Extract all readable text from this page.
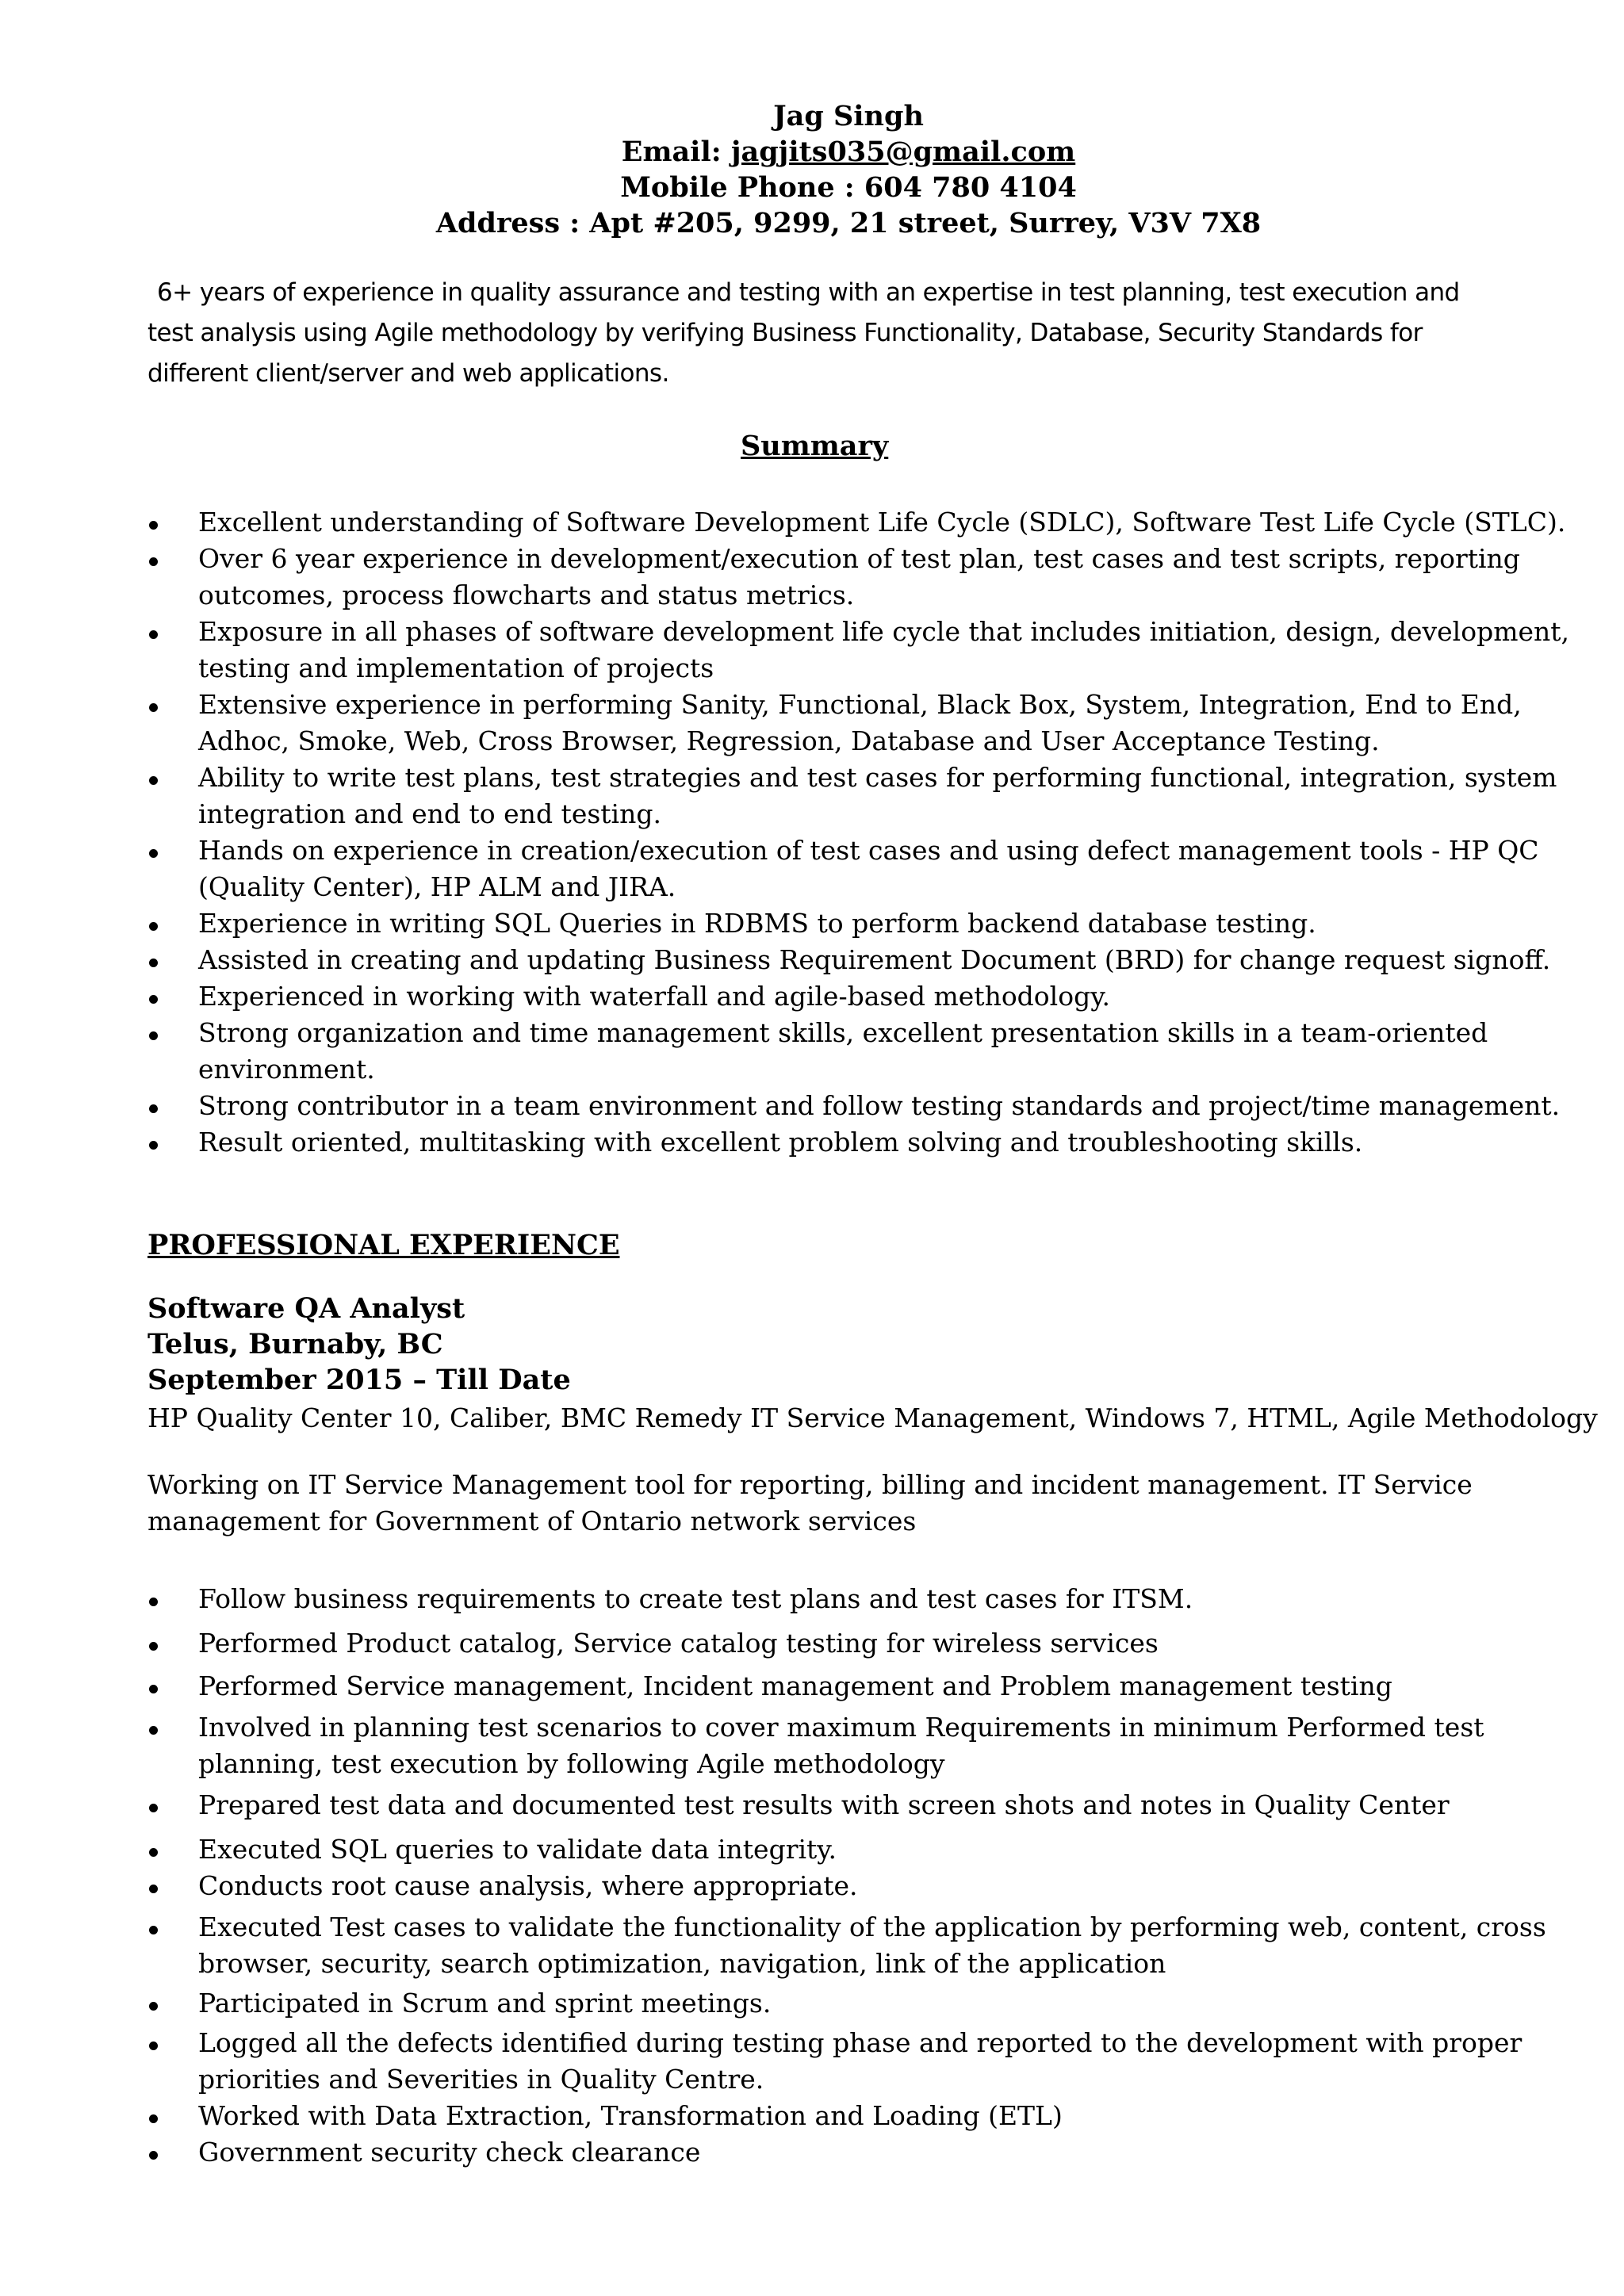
Jag Singh
Email: jagjits035@gmail.com
Mobile Phone : 604 780 4104
Address : Apt #205, 9299, 21 street, Surrey, V3V 7X8
6+ years of experience in quality assurance and testing with an expertise in test planning, test execution and
test analysis using Agile methodology by verifying Business Functionality, Database, Security Standards for
different client/server and web applications.
Summary
Excellent understanding of Software Development Life Cycle (SDLC), Software Test Life Cycle (STLC).
Over 6 year experience in development/execution of test plan, test cases and test scripts, reporting
outcomes, process flowcharts and status metrics.
Exposure in all phases of software development life cycle that includes initiation, design, development,
testing and implementation of projects
Extensive experience in performing Sanity, Functional, Black Box, System, Integration, End to End,
Adhoc, Smoke, Web, Cross Browser, Regression, Database and User Acceptance Testing.
Ability to write test plans, test strategies and test cases for performing functional, integration, system
integration and end to end testing.
Hands on experience in creation/execution of test cases and using defect management tools - HP QC
(Quality Center), HP ALM and JIRA.
Experience in writing SQL Queries in RDBMS to perform backend database testing.
Assisted in creating and updating Business Requirement Document (BRD) for change request signoff.
Experienced in working with waterfall and agile-based methodology.
Strong organization and time management skills, excellent presentation skills in a team-oriented
environment.
Strong contributor in a team environment and follow testing standards and project/time management.
Result oriented, multitasking with excellent problem solving and troubleshooting skills.
PROFESSIONAL EXPERIENCE
Software QA Analyst
Telus, Burnaby, BC
September 2015 – Till Date
HP Quality Center 10, Caliber, BMC Remedy IT Service Management, Windows 7, HTML, Agile Methodology
Working on IT Service Management tool for reporting, billing and incident management. IT Service
management for Government of Ontario network services
Follow business requirements to create test plans and test cases for ITSM.
Performed Product catalog, Service catalog testing for wireless services
Performed Service management, Incident management and Problem management testing
Involved in planning test scenarios to cover maximum Requirements in minimum Performed test
planning, test execution by following Agile methodology
Prepared test data and documented test results with screen shots and notes in Quality Center
Executed SQL queries to validate data integrity.
Conducts root cause analysis, where appropriate.
Executed Test cases to validate the functionality of the application by performing web, content, cross
browser, security, search optimization, navigation, link of the application
Participated in Scrum and sprint meetings.
Logged all the defects identified during testing phase and reported to the development with proper
priorities and Severities in Quality Centre.
Worked with Data Extraction, Transformation and Loading (ETL)
Government security check clearance
